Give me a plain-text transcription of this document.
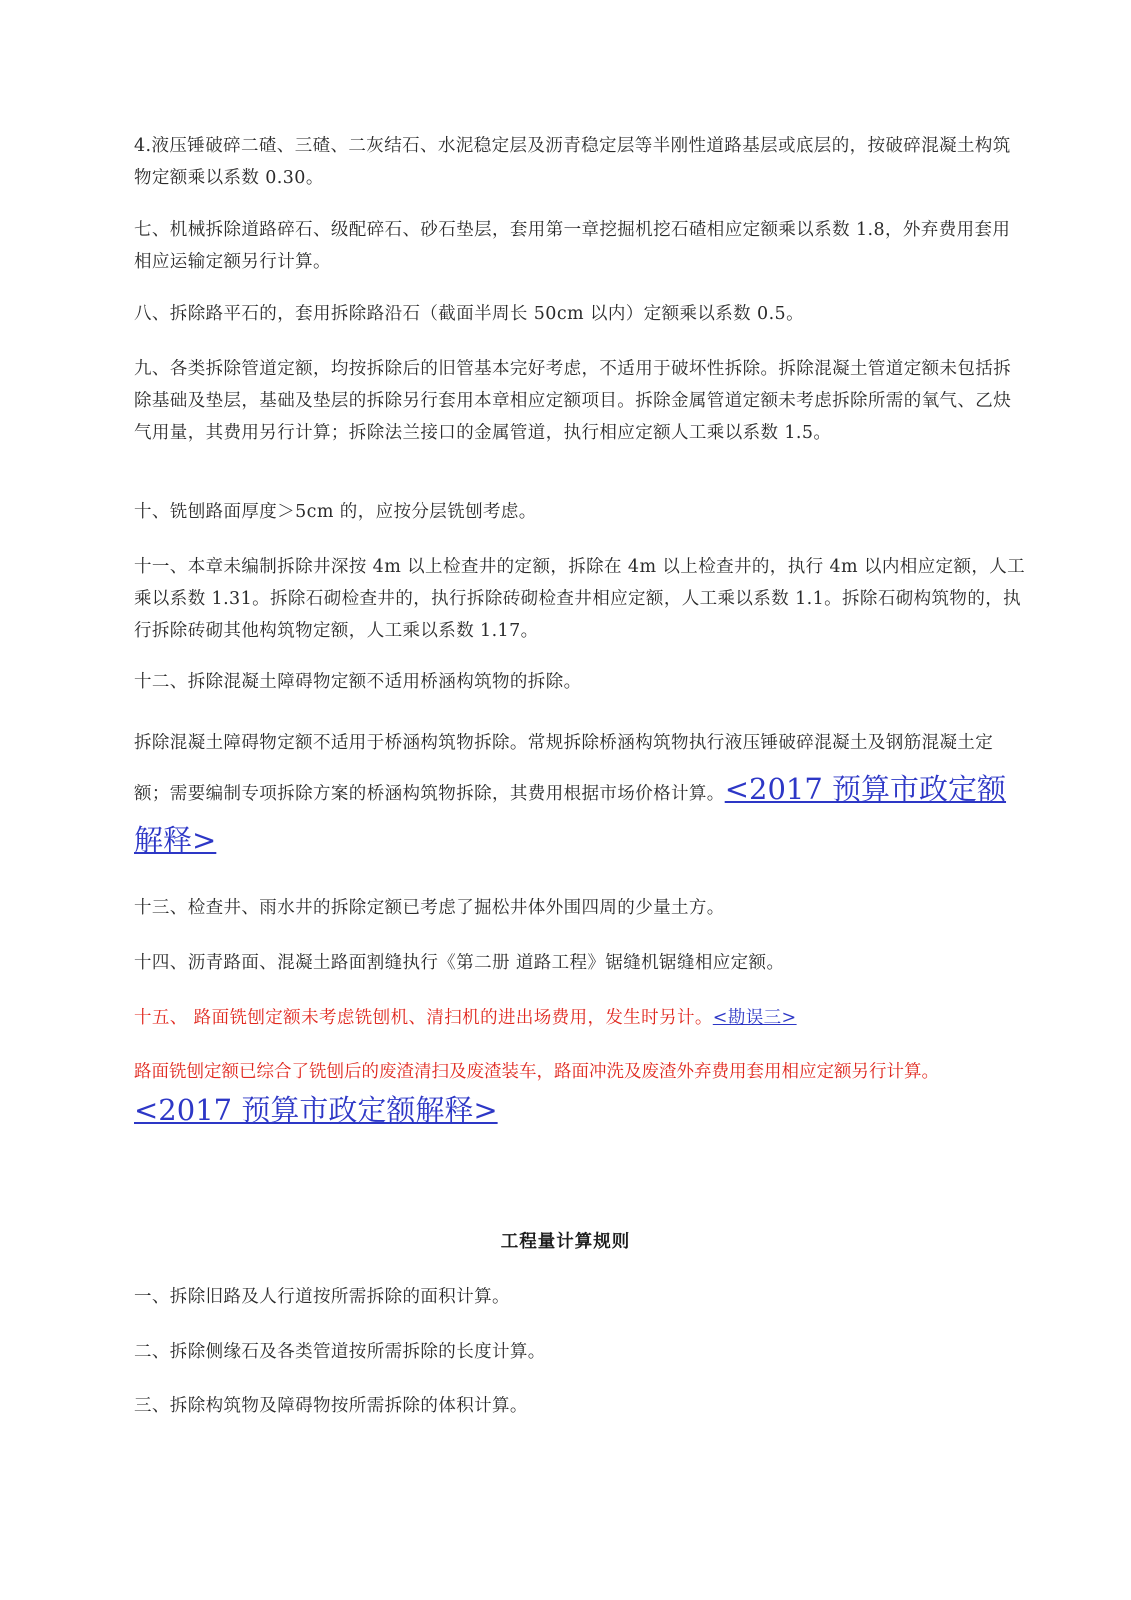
4.液压锤破碎二碴、三碴、二灰结石、水泥稳定层及沥青稳定层等半刚性道路基层或底层的，按破碎混凝土构筑物定额乘以系数 0.30。

七、机械拆除道路碎石、级配碎石、砂石垫层，套用第一章挖掘机挖石碴相应定额乘以系数 1.8，外弃费用套用相应运输定额另行计算。

八、拆除路平石的，套用拆除路沿石（截面半周长 50cm 以内）定额乘以系数 0.5。

九、各类拆除管道定额，均按拆除后的旧管基本完好考虑，不适用于破坏性拆除。拆除混凝土管道定额未包括拆除基础及垫层，基础及垫层的拆除另行套用本章相应定额项目。拆除金属管道定额未考虑拆除所需的氧气、乙炔气用量，其费用另行计算；拆除法兰接口的金属管道，执行相应定额人工乘以系数 1.5。

十、铣刨路面厚度＞5cm 的，应按分层铣刨考虑。

十一、本章未编制拆除井深按 4m 以上检查井的定额，拆除在 4m 以上检查井的，执行 4m 以内相应定额，人工乘以系数 1.31。拆除石砌检查井的，执行拆除砖砌检查井相应定额，人工乘以系数 1.1。拆除石砌构筑物的，执行拆除砖砌其他构筑物定额，人工乘以系数 1.17。

十二、拆除混凝土障碍物定额不适用桥涵构筑物的拆除。

拆除混凝土障碍物定额不适用于桥涵构筑物拆除。常规拆除桥涵构筑物执行液压锤破碎混凝土及钢筋混凝土定额；需要编制专项拆除方案的桥涵构筑物拆除，其费用根据市场价格计算。<2017 预算市政定额解释>

十三、检查井、雨水井的拆除定额已考虑了掘松井体外围四周的少量土方。

十四、沥青路面、混凝土路面割缝执行《第二册 道路工程》锯缝机锯缝相应定额。

十五、 路面铣刨定额未考虑铣刨机、清扫机的进出场费用，发生时另计。<勘误三>

路面铣刨定额已综合了铣刨后的废渣清扫及废渣装车，路面冲洗及废渣外弃费用套用相应定额另行计算。

<2017 预算市政定额解释>

工程量计算规则

一、拆除旧路及人行道按所需拆除的面积计算。

二、拆除侧缘石及各类管道按所需拆除的长度计算。

三、拆除构筑物及障碍物按所需拆除的体积计算。
